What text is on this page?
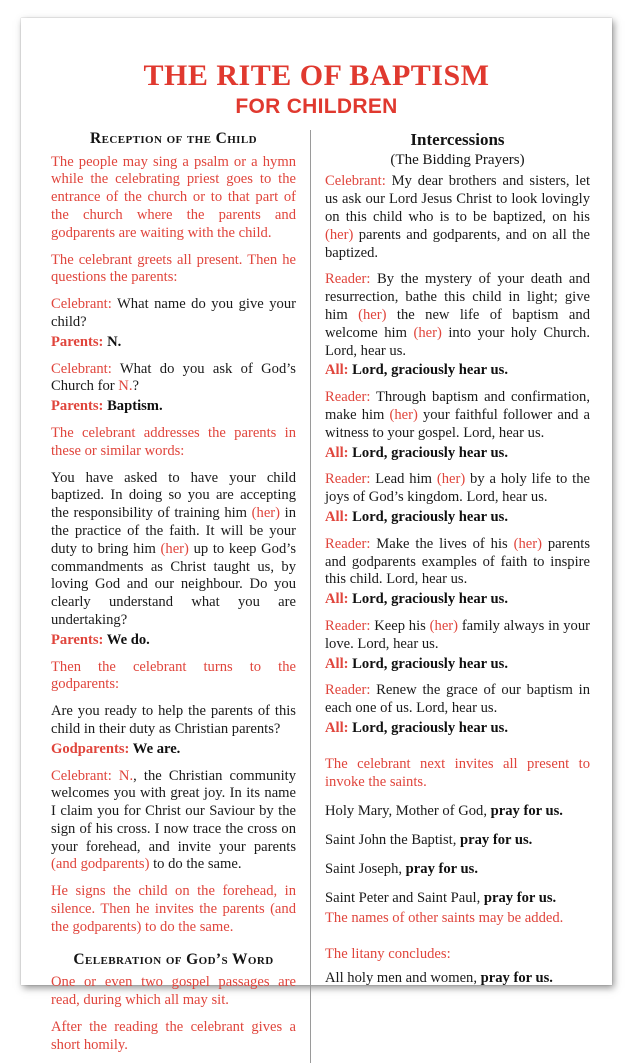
THE RITE OF BAPTISM
FOR CHILDREN
Reception of the Child

The people may sing a psalm or a hymn while the celebrating priest goes to the entrance of the church or to that part of the church where the parents and godparents are waiting with the child.

The celebrant greets all present. Then he questions the parents:

Celebrant: What name do you give your child?

Parents: N.

Celebrant: What do you ask of God’s Church for N.?

Parents: Baptism.

The celebrant addresses the parents in these or similar words:

You have asked to have your child baptized. In doing so you are accepting the responsibility of training him (her) in the practice of the faith. It will be your duty to bring him (her) up to keep God’s commandments as Christ taught us, by loving God and our neighbour. Do you clearly understand what you are undertaking?

Parents: We do.

Then the celebrant turns to the godparents:

Are you ready to help the parents of this child in their duty as Christian parents?

Godparents: We are.

Celebrant: N., the Christian community welcomes you with great joy. In its name I claim you for Christ our Saviour by the sign of his cross. I now trace the cross on your forehead, and invite your parents (and godparents) to do the same.

He signs the child on the forehead, in silence. Then he invites the parents (and the godparents) to do the same.

Celebration of God’s Word

One or even two gospel passages are read, during which all may sit.

After the reading the celebrant gives a short homily.

Intercessions
(The Bidding Prayers)

Celebrant: My dear brothers and sisters, let us ask our Lord Jesus Christ to look lovingly on this child who is to be baptized, on his (her) parents and godparents, and on all the baptized.

Reader: By the mystery of your death and resurrection, bathe this child in light; give him (her) the new life of baptism and welcome him (her) into your holy Church. Lord, hear us.

All: Lord, graciously hear us.

Reader: Through baptism and confirmation, make him (her) your faithful follower and a witness to your gospel. Lord, hear us.

All: Lord, graciously hear us.

Reader: Lead him (her) by a holy life to the joys of God’s kingdom. Lord, hear us.

All: Lord, graciously hear us.

Reader: Make the lives of his (her) parents and godparents examples of faith to inspire this child. Lord, hear us.

All: Lord, graciously hear us.

Reader: Keep his (her) family always in your love. Lord, hear us.

All: Lord, graciously hear us.

Reader: Renew the grace of our baptism in each one of us. Lord, hear us.

All: Lord, graciously hear us.

The celebrant next invites all present to invoke the saints.

Holy Mary, Mother of God, pray for us.

Saint John the Baptist, pray for us.

Saint Joseph, pray for us.

Saint Peter and Saint Paul, pray for us.

The names of other saints may be added.

The litany concludes:

All holy men and women, pray for us.
